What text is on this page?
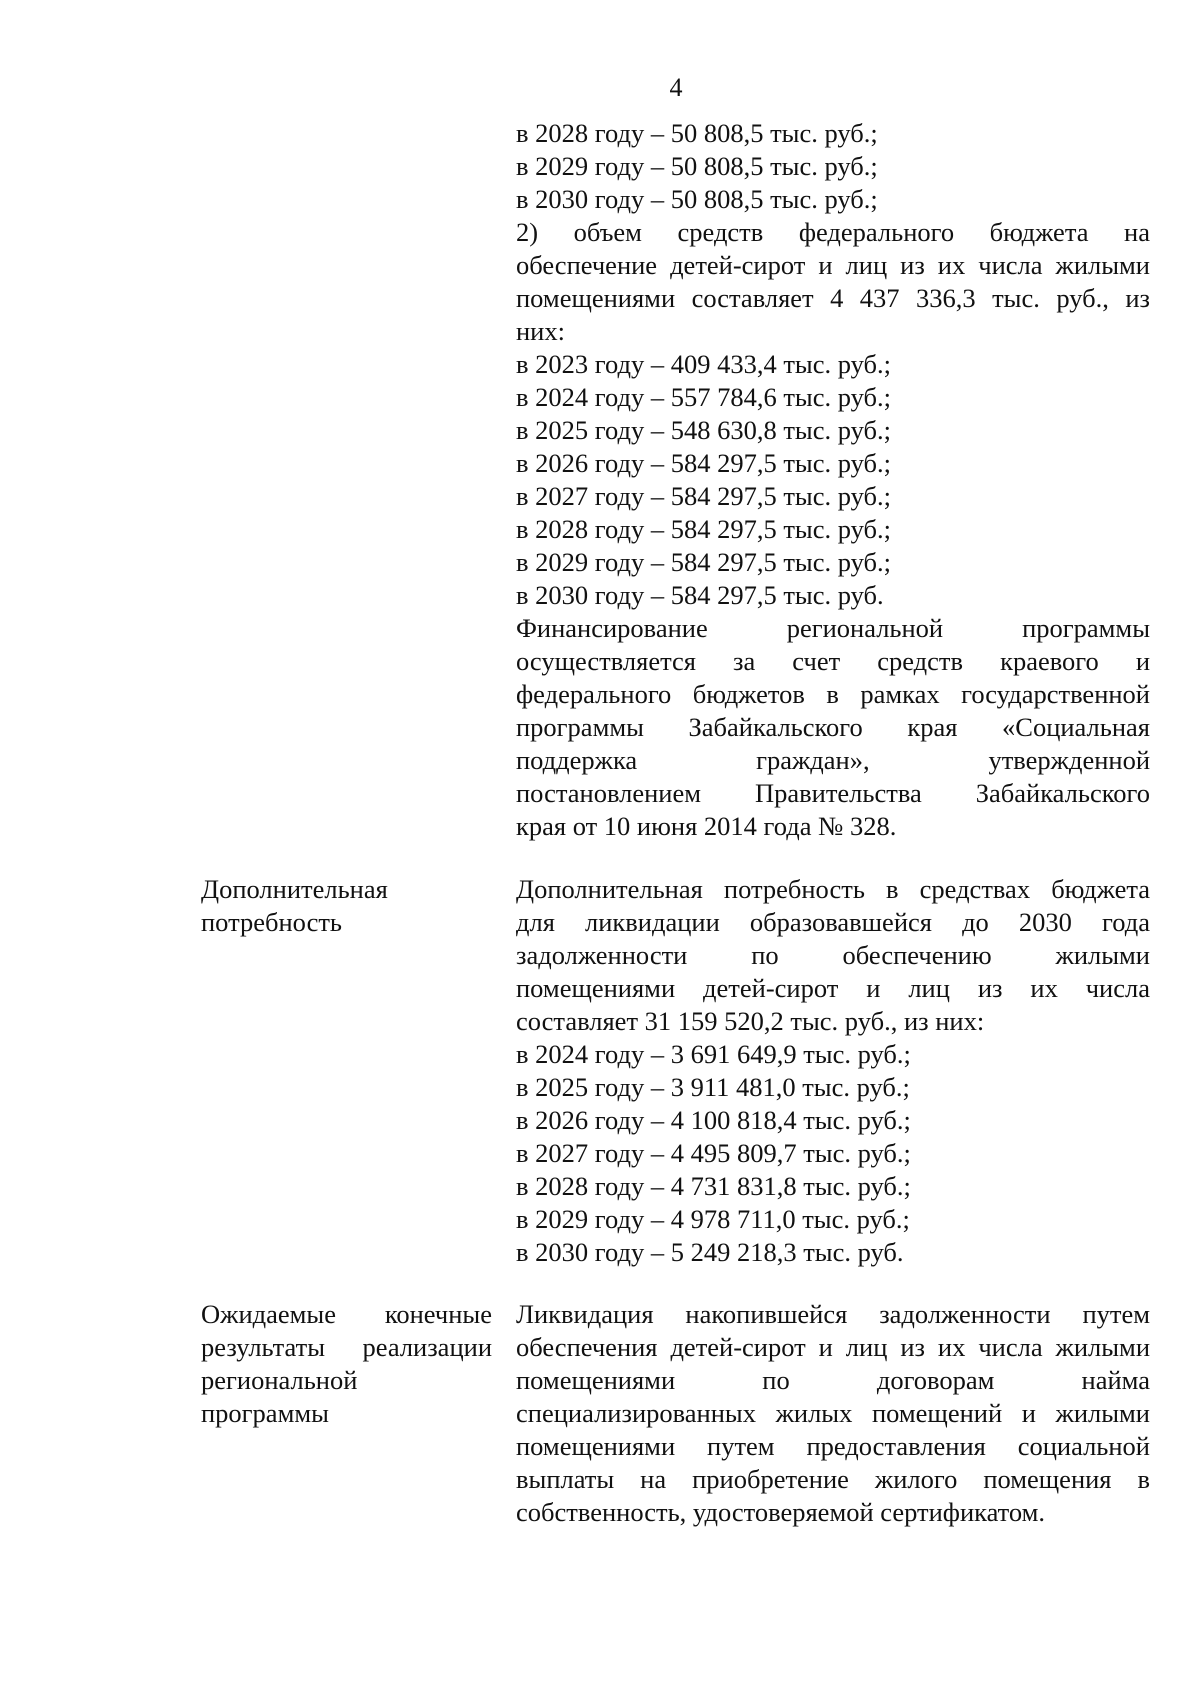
4
в 2028 году – 50 808,5 тыс. руб.;
в 2029 году – 50 808,5 тыс. руб.;
в 2030 году – 50 808,5 тыс. руб.;
2) объем средств федерального бюджета на
обеспечение детей-сирот и лиц из их числа жилыми
помещениями составляет 4 437 336,3 тыс. руб., из
них:
в 2023 году – 409 433,4 тыс. руб.;
в 2024 году – 557 784,6 тыс. руб.;
в 2025 году – 548 630,8 тыс. руб.;
в 2026 году – 584 297,5 тыс. руб.;
в 2027 году – 584 297,5 тыс. руб.;
в 2028 году – 584 297,5 тыс. руб.;
в 2029 году – 584 297,5 тыс. руб.;
в 2030 году – 584 297,5 тыс. руб.
Финансирование региональной программы
осуществляется за счет средств краевого и
федерального бюджетов в рамках государственной
программы Забайкальского края «Социальная
поддержка граждан», утвержденной
постановлением Правительства Забайкальского
края от 10 июня 2014 года № 328.
Дополнительная
потребность
Дополнительная потребность в средствах бюджета
для ликвидации образовавшейся до 2030 года
задолженности по обеспечению жилыми
помещениями детей-сирот и лиц из их числа
составляет 31 159 520,2 тыс. руб., из них:
в 2024 году – 3 691 649,9 тыс. руб.;
в 2025 году – 3 911 481,0 тыс. руб.;
в 2026 году – 4 100 818,4 тыс. руб.;
в 2027 году – 4 495 809,7 тыс. руб.;
в 2028 году – 4 731 831,8 тыс. руб.;
в 2029 году – 4 978 711,0 тыс. руб.;
в 2030 году – 5 249 218,3 тыс. руб.
Ожидаемые конечные
результаты реализации
региональной
программы
Ликвидация накопившейся задолженности путем
обеспечения детей-сирот и лиц из их числа жилыми
помещениями по договорам найма
специализированных жилых помещений и жилыми
помещениями путем предоставления социальной
выплаты на приобретение жилого помещения в
собственность, удостоверяемой сертификатом.
